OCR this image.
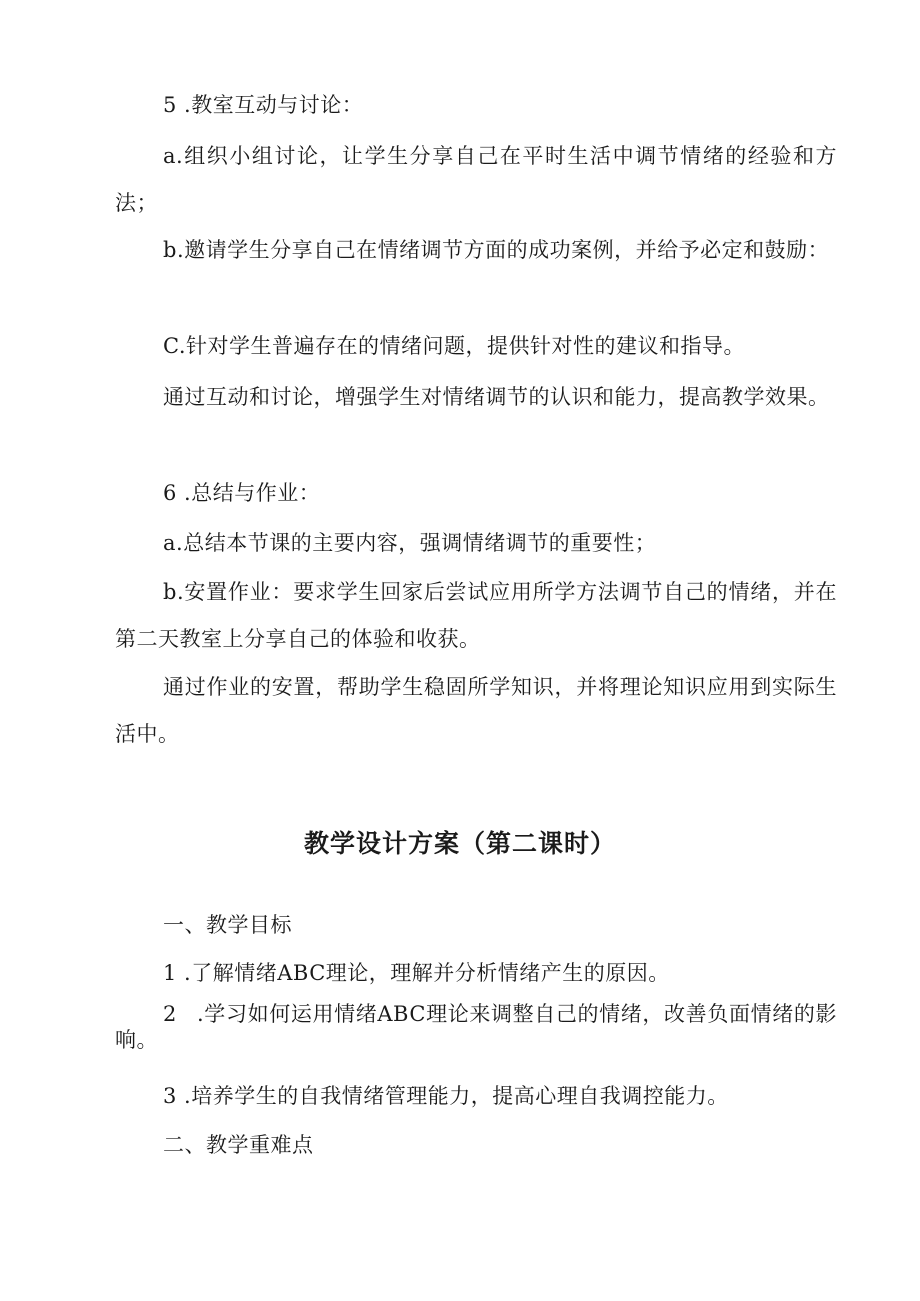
5 .教室互动与讨论：

a.组织小组讨论，让学生分享自己在平时生活中调节情绪的经验和方法；

b.邀请学生分享自己在情绪调节方面的成功案例，并给予必定和鼓励：

C.针对学生普遍存在的情绪问题，提供针对性的建议和指导。

通过互动和讨论，增强学生对情绪调节的认识和能力，提高教学效果。

6 .总结与作业：

a.总结本节课的主要内容，强调情绪调节的重要性；

b.安置作业：要求学生回家后尝试应用所学方法调节自己的情绪，并在第二天教室上分享自己的体验和收获。

通过作业的安置，帮助学生稳固所学知识，并将理论知识应用到实际生活中。

教学设计方案（第二课时）

一、教学目标

1 .了解情绪ABC理论，理解并分析情绪产生的原因。

2 .学习如何运用情绪ABC理论来调整自己的情绪，改善负面情绪的影响。

3 .培养学生的自我情绪管理能力，提高心理自我调控能力。

二、教学重难点
